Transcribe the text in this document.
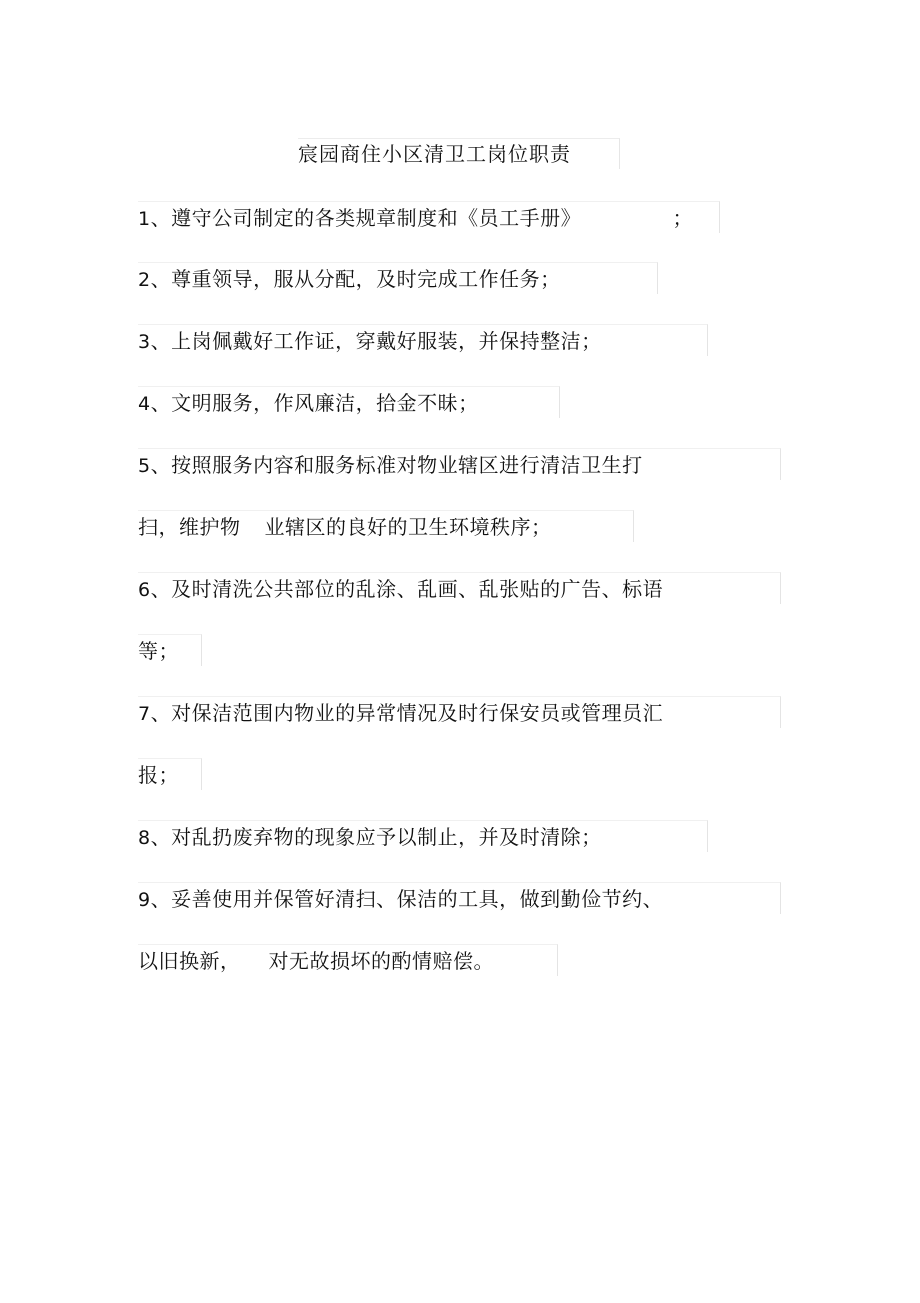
宸园商住小区清卫工岗位职责
1、遵守公司制定的各类规章制度和《员工手册》	；
2、尊重领导，服从分配，及时完成工作任务；
3、上岗佩戴好工作证，穿戴好服装，并保持整洁；
4、文明服务，作风廉洁，拾金不昧；
5、按照服务内容和服务标准对物业辖区进行清洁卫生打
扫，维护物 业辖区的良好的卫生环境秩序；
6、及时清洗公共部位的乱涂、乱画、乱张贴的广告、标语
等；
7、对保洁范围内物业的异常情况及时行保安员或管理员汇
报；
8、对乱扔废弃物的现象应予以制止，并及时清除；
9、妥善使用并保管好清扫、保洁的工具，做到勤俭节约、
以旧换新， 对无故损坏的酌情赔偿。
